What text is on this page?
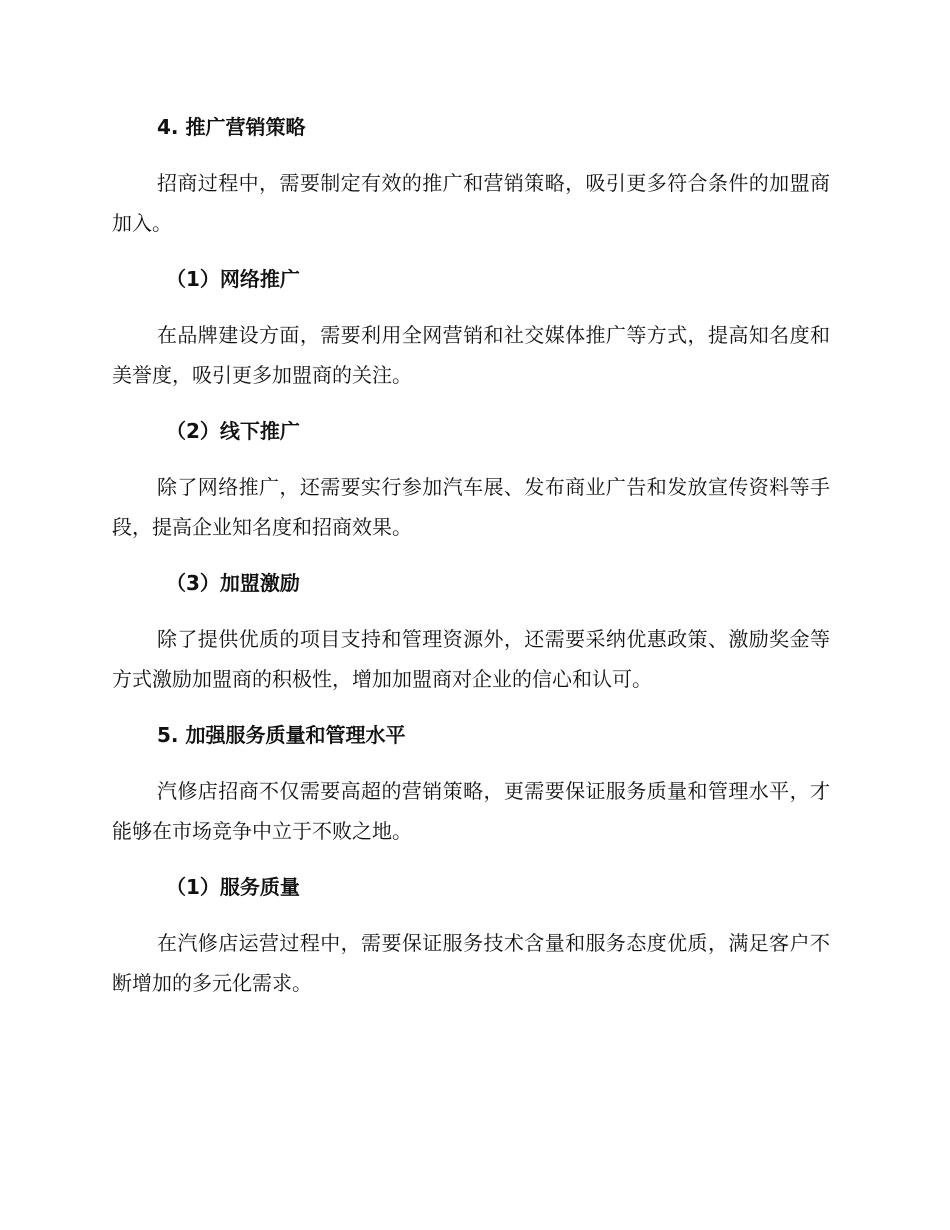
4. 推广营销策略

招商过程中，需要制定有效的推广和营销策略，吸引更多符合条件的加盟商加入。

（1）网络推广

在品牌建设方面，需要利用全网营销和社交媒体推广等方式，提高知名度和美誉度，吸引更多加盟商的关注。

（2）线下推广

除了网络推广，还需要实行参加汽车展、发布商业广告和发放宣传资料等手段，提高企业知名度和招商效果。

（3）加盟激励

除了提供优质的项目支持和管理资源外，还需要采纳优惠政策、激励奖金等方式激励加盟商的积极性，增加加盟商对企业的信心和认可。

5. 加强服务质量和管理水平

汽修店招商不仅需要高超的营销策略，更需要保证服务质量和管理水平，才能够在市场竞争中立于不败之地。

（1）服务质量

在汽修店运营过程中，需要保证服务技术含量和服务态度优质，满足客户不断增加的多元化需求。
